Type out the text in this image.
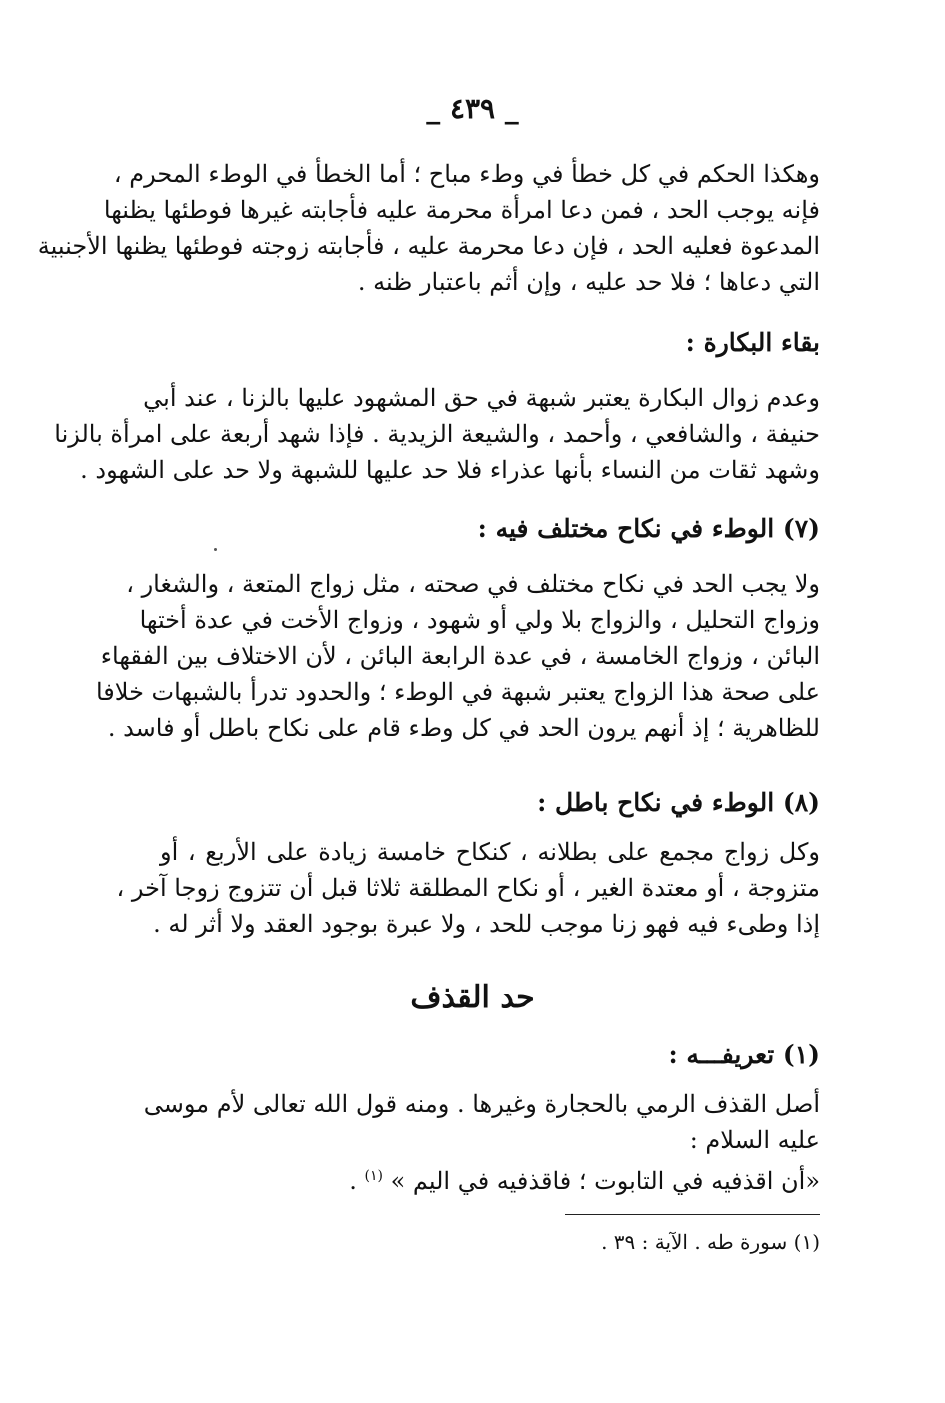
_ ٤٣٩ _
وهكذا الحكم في كل خطأ في وطء مباح ؛ أما الخطأ في الوطء المحرم ،
فإنه يوجب الحد ، فمن دعا امرأة محرمة عليه فأجابته غيرها فوطئها يظنها
المدعوة فعليه الحد ، فإن دعا محرمة عليه ، فأجابته زوجته فوطئها يظنها الأجنبية
التي دعاها ؛ فلا حد عليه ، وإن أثم باعتبار ظنه .
بقاء البكارة :
وعدم زوال البكارة يعتبر شبهة في حق المشهود عليها بالزنا ، عند أبي
حنيفة ، والشافعي ، وأحمد ، والشيعة الزيدية . فإذا شهد أربعة على امرأة بالزنا
وشهد ثقات من النساء بأنها عذراء فلا حد عليها للشبهة ولا حد على الشهود .
(٧) الوطء في نكاح مختلف فيه :
ولا يجب الحد في نكاح مختلف في صحته ، مثل زواج المتعة ، والشغار ،
وزواج التحليل ، والزواج بلا ولي أو شهود ، وزواج الأخت في عدة أختها
البائن ، وزواج الخامسة ، في عدة الرابعة البائن ، لأن الاختلاف بين الفقهاء
على صحة هذا الزواج يعتبر شبهة في الوطء ؛ والحدود تدرأ بالشبهات خلافا
للظاهرية ؛ إذ أنهم يرون الحد في كل وطء قام على نكاح باطل أو فاسد .
(٨) الوطء في نكاح باطل :
وكل زواج مجمع على بطلانه ، كنكاح خامسة زيادة على الأربع ، أو
متزوجة ، أو معتدة الغير ، أو نكاح المطلقة ثلاثا قبل أن تتزوج زوجا آخر ،
إذا وطىء فيه فهو زنا موجب للحد ، ولا عبرة بوجود العقد ولا أثر له .
حد القذف
(١) تعريفـــه :
أصل القذف الرمي بالحجارة وغيرها . ومنه قول الله تعالى لأم موسى
عليه السلام :
«أن اقذفيه في التابوت ؛ فاقذفيه في اليم » $^{(١)}$ .
(١) سورة طه . الآية : ٣٩ .
